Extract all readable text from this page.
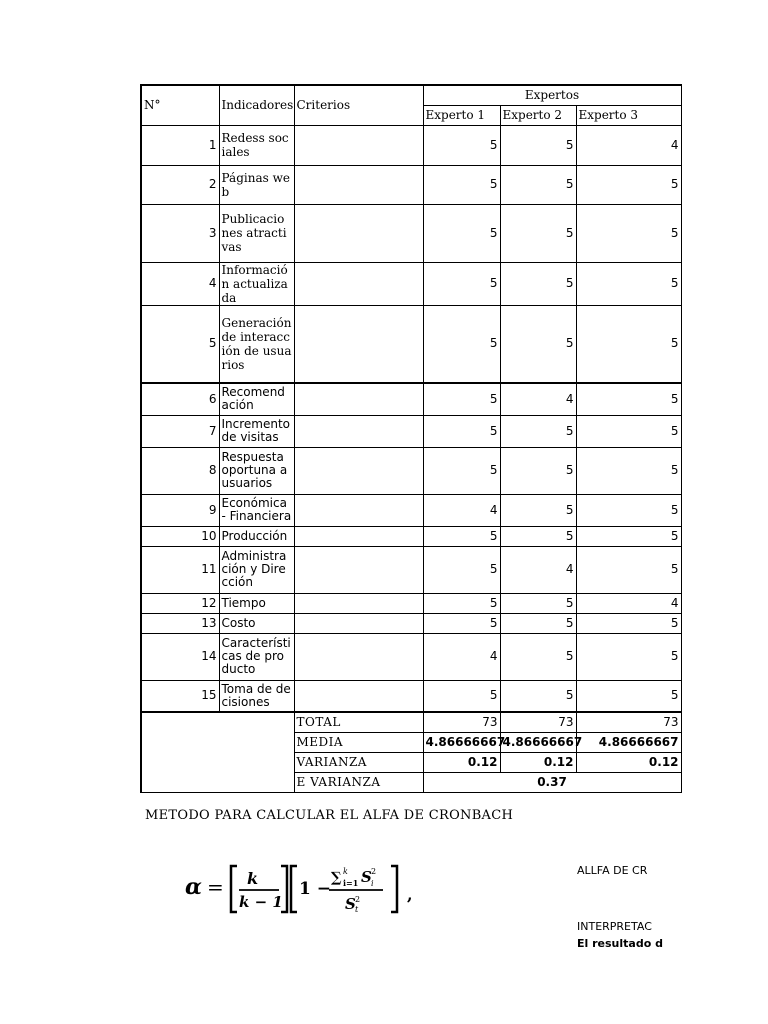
N°	Indicadores	Criterios	Expertos		
			Experto 1	Experto 2	Experto 3
1	Redess sociales		5	5	4
2	Páginas web		5	5	5
3	Publicaciones atractivas		5	5	5
4	Información actualizada		5	5	5
5	Generación de interacción de usuarios		5	5	5
6	Recomendación		5	4	5
7	Incremento de visitas		5	5	5
8	Respuesta oportuna a usuarios		5	5	5
9	Económica - Financiera		4	5	5
10	Producción		5	5	5
11	Administración y Dirección		5	4	5
12	Tiempo		5	5	4
13	Costo		5	5	5
14	Características de producto		4	5	5
15	Toma de decisiones		5	5	5
		TOTAL	73	73	73
		MEDIA	4.86666667	4.86666667	4.86666667
		VARIANZA	0.12	0.12	0.12
		E VARIANZA	0.37		
METODO PARA CALCULAR EL ALFA DE CRONBACH
α = k
k − 1
1 −
∑ k
i=1 S 2
i
S 2
t
,
ALLFA DE CR
INTERPRETAC
El resultado d
